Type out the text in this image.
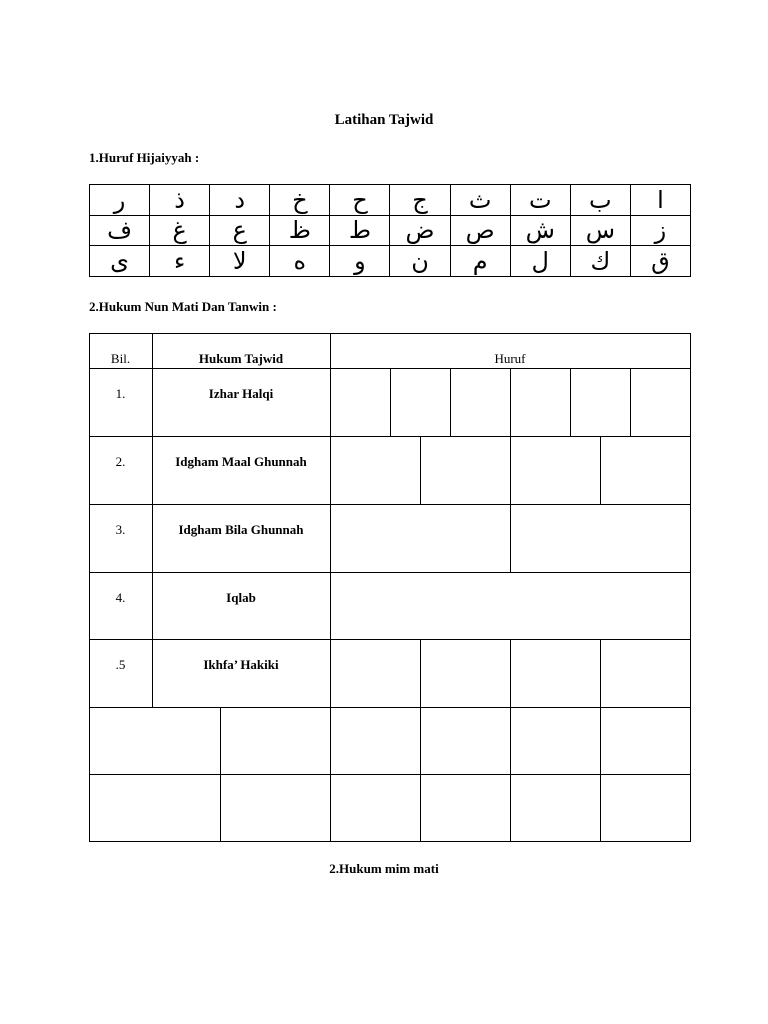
Latihan Tajwid
1.Huruf Hijaiyyah :
ر	ذ	د	خ	ح	ج	ث	ت	ب	ا
ف	غ	ع	ظ	ط	ض	ص	ش	س	ز
ى	ء	لا	ه	و	ن	م	ل	ك	ق
2.Hukum Nun Mati Dan Tanwin :
Bil.	Hukum Tajwid	Huruf
1.	Izhar Halqi
2.	Idgham Maal Ghunnah
3.	Idgham Bila Ghunnah
4.	Iqlab
.5	Ikhfa’ Hakiki
2.Hukum mim mati
